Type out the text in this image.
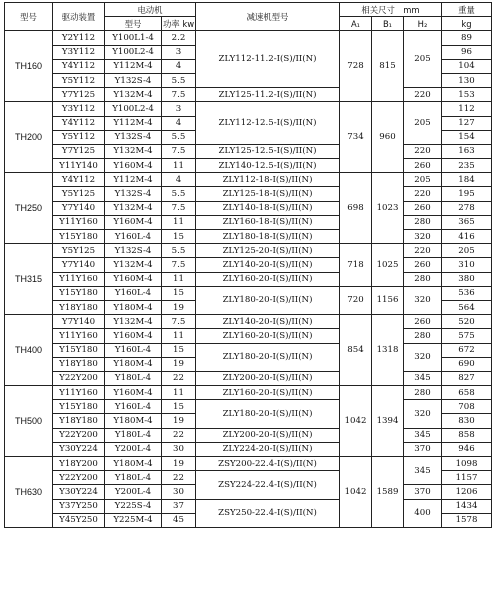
型号	驱动装置	电动机		减速机型号	相关尺寸　mm			重量
		型号	功率 kw		A₁	B₁	H₂	kg
TH160	Y2Y112	Y100L1-4	2.2	ZLY112-11.2-I(S)/II(N)	728	815	205	89
	Y3Y112	Y100L2-4	3					96
	Y4Y112	Y112M-4	4					104
	Y5Y112	Y132S-4	5.5					130
	Y7Y125	Y132M-4	7.5	ZLY125-11.2-I(S)/II(N)			220	153
TH200	Y3Y112	Y100L2-4	3	ZLY112-12.5-I(S)/II(N)	734	960	205	112
	Y4Y112	Y112M-4	4					127
	Y5Y112	Y132S-4	5.5					154
	Y7Y125	Y132M-4	7.5	ZLY125-12.5-I(S)/II(N)			220	163
	Y11Y140	Y160M-4	11	ZLY140-12.5-I(S)/II(N)			260	235
TH250	Y4Y112	Y112M-4	4	ZLY112-18-I(S)/II(N)	698	1023	205	184
	Y5Y125	Y132S-4	5.5	ZLY125-18-I(S)/II(N)			220	195
	Y7Y140	Y132M-4	7.5	ZLY140-18-I(S)/II(N)			260	278
	Y11Y160	Y160M-4	11	ZLY160-18-I(S)/II(N)			280	365
	Y15Y180	Y160L-4	15	ZLY180-18-I(S)/II(N)			320	416
TH315	Y5Y125	Y132S-4	5.5	ZLY125-20-I(S)/II(N)	718	1025	220	205
	Y7Y140	Y132M-4	7.5	ZLY140-20-I(S)/II(N)			260	310
	Y11Y160	Y160M-4	11	ZLY160-20-I(S)/II(N)			280	380
	Y15Y180	Y160L-4	15	ZLY180-20-I(S)/II(N)	720	1156	320	536
	Y18Y180	Y180M-4	19					564
TH400	Y7Y140	Y132M-4	7.5	ZLY140-20-I(S)/II(N)	854	1318	260	520
	Y11Y160	Y160M-4	11	ZLY160-20-I(S)/II(N)			280	575
	Y15Y180	Y160L-4	15	ZLY180-20-I(S)/II(N)			320	672
	Y18Y180	Y180M-4	19					690
	Y22Y200	Y180L-4	22	ZLY200-20-I(S)/II(N)			345	827
TH500	Y11Y160	Y160M-4	11	ZLY160-20-I(S)/II(N)	1042	1394	280	658
	Y15Y180	Y160L-4	15	ZLY180-20-I(S)/II(N)			320	708
	Y18Y180	Y180M-4	19					830
	Y22Y200	Y180L-4	22	ZLY200-20-I(S)/II(N)			345	858
	Y30Y224	Y200L-4	30	ZLY224-20-I(S)/II(N)			370	946
TH630	Y18Y200	Y180M-4	19	ZSY200-22.4-I(S)/II(N)	1042	1589	345	1098
	Y22Y200	Y180L-4	22	ZSY224-22.4-I(S)/II(N)				1157
	Y30Y224	Y200L-4	30				370	1206
	Y37Y250	Y225S-4	37	ZSY250-22.4-I(S)/II(N)			400	1434
	Y45Y250	Y225M-4	45					1578
